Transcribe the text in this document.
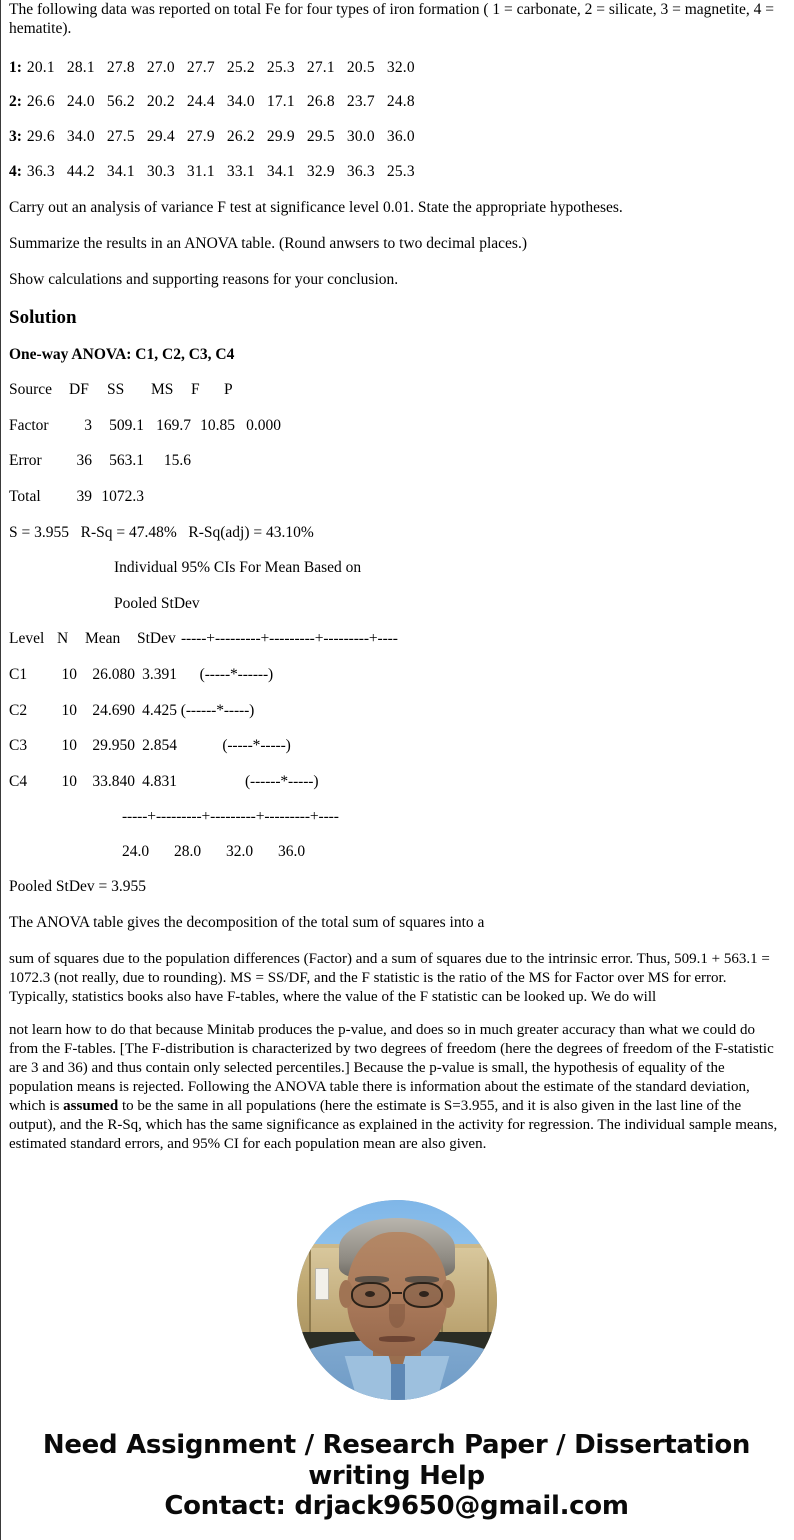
The following data was reported on total Fe for four types of iron formation ( 1 = carbonate, 2 = silicate, 3 = magnetite, 4 = hematite).

1: 20.1 28.1 27.8 27.0 27.7 25.2 25.3 27.1 20.5 32.0
2: 26.6 24.0 56.2 20.2 24.4 34.0 17.1 26.8 23.7 24.8
3: 29.6 34.0 27.5 29.4 27.9 26.2 29.9 29.5 30.0 36.0
4: 36.3 44.2 34.1 30.3 31.1 33.1 34.1 32.9 36.3 25.3

Carry out an analysis of variance F test at significance level 0.01. State the appropriate hypotheses.

Summarize the results in an ANOVA table. (Round anwsers to two decimal places.)

Show calculations and supporting reasons for your conclusion.

Solution
One-way ANOVA: C1, C2, C3, C4
Source DF SS MS F P
Factor 3 509.1 169.7 10.85 0.000
Error 36 563.1 15.6
Total 39 1072.3
S = 3.955   R-Sq = 47.48%   R-Sq(adj) = 43.10%
Individual 95% CIs For Mean Based on
Pooled StDev
Level N Mean StDev -----+---------+---------+---------+----
C1 10 26.080 3.391 (-----*------)
C2 10 24.690 4.425 (------*-----)
C3 10 29.950 2.854	(-----*-----)
C4 10 33.840 4.831	(------*-----)
-----+---------+---------+---------+----
24.0 28.0 32.0 36.0
Pooled StDev = 3.955

The ANOVA table gives the decomposition of the total sum of squares into a

sum of squares due to the population differences (Factor) and a sum of squares due to the intrinsic error. Thus, 509.1 + 563.1 = 1072.3 (not really, due to rounding). MS = SS/DF, and the F statistic is the ratio of the MS for Factor over MS for error. Typically, statistics books also have F-tables, where the value of the F statistic can be looked up. We do will

not learn how to do that because Minitab produces the p-value, and does so in much greater accuracy than what we could do from the F-tables. [The F-distribution is characterized by two degrees of freedom (here the degrees of freedom of the F-statistic are 3 and 36) and thus contain only selected percentiles.] Because the p-value is small, the hypothesis of equality of the population means is rejected. Following the ANOVA table there is information about the estimate of the standard deviation, which is assumed to be the same in all populations (here the estimate is S=3.955, and it is also given in the last line of the output), and the R-Sq, which has the same significance as explained in the activity for regression. The individual sample means, estimated standard errors, and 95% CI for each population mean are also given.

Need Assignment / Research Paper / Dissertation
writing Help
Contact: drjack9650@gmail.com
